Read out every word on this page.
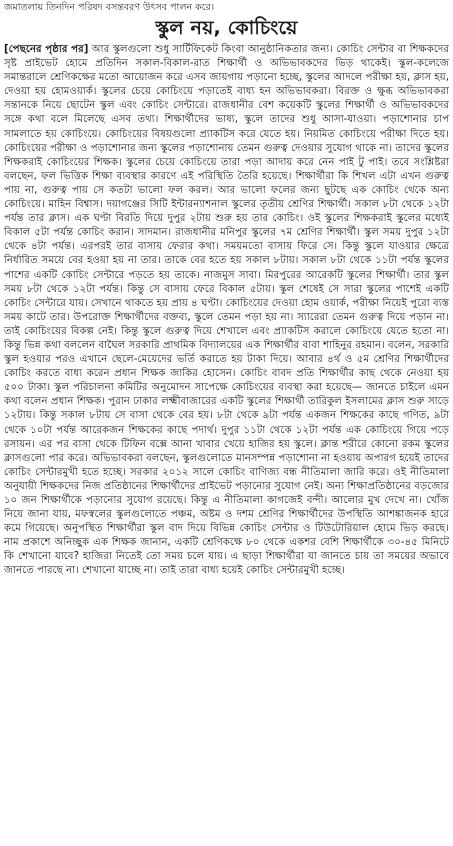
জমাতলায় তিনদিন পরিষদ বসন্তবরণ উৎসব পালন করে।
স্কুল নয়, কোচিংয়ে

[পেছনের পৃষ্ঠার পর] আর স্কুলগুলো শুধু সার্টিফিকেট কিংবা আনুষ্ঠানিকতার জন্য। কোচিং সেন্টার বা শিক্ষকদের সৃষ্ট প্রাইভেট হোমে প্রতিদিন সকাল-বিকাল-রাত শিক্ষার্থী ও অভিভাবকদের ভিড় থাকেই। স্কুল-কলেজে সমান্তরালে শ্রেণিকক্ষের মতো আয়োজন করে এসব জায়গায় পড়ানো হচ্ছে, স্কুলের আদলে পরীক্ষা হয়, ক্লাস হয়, দেওয়া হয় হোমওয়ার্ক। স্কুলের চেয়ে কোচিংয়ে পড়াতেই বাধ্য হন অভিভাবকরা। বিরক্ত ও ক্ষুব্ধ অভিভাবকরা সন্তানকে নিয়ে ছোটেন স্কুল এবং কোচিং সেন্টারে। রাজধানীর বেশ কয়েকটি স্কুলের শিক্ষার্থী ও অভিভাবকদের সঙ্গে কথা বলে মিলেছে এসব তথ্য। শিক্ষার্থীদের ভাষ্য, স্কুলে তাদের শুধু আসা-যাওয়া। পড়াশোনার চাপ সামলাতে হয় কোচিংয়ে। কোচিংয়ের বিষয়গুলো প্র্যাকটিস করে যেতে হয়। নিয়মিত কোচিংয়ে পরীক্ষা দিতে হয়। কোচিংয়ের পরীক্ষা ও পড়াশোনার জন্য স্কুলের পড়াশোনায় তেমন গুরুত্ব দেওয়ার সুযোগ থাকে না। তাদের স্কুলের শিক্ষকরাই কোচিংয়ের শিক্ষক। স্কুলের চেয়ে কোচিংয়ে তারা পড়া আদায় করে নেন পাই টু পাই। তবে সংশ্লিষ্টরা বলছেন, ফল ভিত্তিক শিক্ষা ব্যবস্থার কারণে এই পরিস্থিতি তৈরি হয়েছে। শিক্ষার্থীরা কি শিখল এটা এখন গুরুত্ব পায় না, গুরুত্ব পায় সে কতটা ভালো ফল করল। আর ভালো ফলের জন্য ছুটছে এক কোচিং থেকে অন্য কোচিংয়ে। মাহিন বিশ্বাস। দয়াগঞ্জের সিটি ইন্টারন্যাশনাল স্কুলের তৃতীয় শ্রেণির শিক্ষার্থী। সকাল ৮টা থেকে ১২টা পর্যন্ত তার ক্লাস। এক ঘণ্টা বিরতি দিয়ে দুপুর ২টায় শুরু হয় তার কোচিং। ওই স্কুলের শিক্ষকরাই স্কুলের মধ্যেই বিকাল ৫টা পর্যন্ত কোচিং করান। সাদমান। রাজধানীর মনিপুর স্কুলের ৭ম শ্রেণির শিক্ষার্থী। স্কুল সময় দুপুর ১২টা থেকে ৪টা পর্যন্ত। এরপরই তার বাসায় ফেরার কথা। সময়মতো বাসায় ফিরে সে। কিন্তু স্কুলে যাওয়ার ক্ষেত্রে নির্ধারিত সময়ে বের হওয়া হয় না তার। তাকে বের হতে হয় সকাল ৮টায়। সকাল ৮টা থেকে ১১টা পর্যন্ত স্কুলের পাশের একটি কোচিং সেন্টারে পড়তে হয় তাকে। নাজমুস সাবা। মিরপুরের আরেকটি স্কুলের শিক্ষার্থী। তার স্কুল সময় ৮টা থেকে ১২টা পর্যন্ত। কিন্তু সে বাসায় ফেরে বিকাল ৫টায়। স্কুল শেষেই সে সারা স্কুলের পাশেই একটি কোচিং সেন্টারে যায়। সেখানে থাকতে হয় প্রায় ৪ ঘণ্টা। কোচিংয়ের দেওয়া হোম ওয়ার্ক, পরীক্ষা নিয়েই পুরো ব্যস্ত সময় কাটে তার। উপরোক্ত শিক্ষার্থীদের বক্তব্য, স্কুলে তেমন পড়া হয় না। স্যারেরা তেমন গুরুত্ব দিয়ে পড়ান না। তাই কোচিংয়ের বিকল্প নেই। কিন্তু স্কুলে গুরুত্ব দিয়ে শেখালে এবং প্র্যাকটিস করালে কোচিংয়ে যেতে হতো না। কিন্তু ভিন্ন কথা বললেন বাঘৈল সরকারি প্রাথমিক বিদ্যালয়ের এক শিক্ষার্থীর বাবা শাহিনুর রহমান। বলেন, সরকারি স্কুল হওয়ার পরও এখানে ছেলে-মেয়েদের ভর্তি করাতে হয় টাকা দিয়ে। আবার ৪র্থ ও ৫ম শ্রেণির শিক্ষার্থীদের কোচিং করতে বাধ্য করেন প্রধান শিক্ষক জাকির হোসেন। কোচিং বাবদ প্রতি শিক্ষার্থীর কাছ থেকে নেওয়া হয় ৫০০ টাকা। স্কুল পরিচালনা কমিটির অনুমোদন সাপেক্ষে কোচিংয়ের ব্যবস্থা করা হয়েছে— জানতে চাইলে এমন কথা বলেন প্রধান শিক্ষক। পুরান ঢাকার লক্ষ্মীবাজারের একটি স্কুলের শিক্ষার্থী তারিকুল ইসলামের ক্লাস শুরু সাড়ে ১২টায়। কিন্তু সকাল ৮টায় সে বাসা থেকে বের হয়। ৮টা থেকে ৯টা পর্যন্ত একজন শিক্ষকের কাছে গণিত, ৯টা থেকে ১০টা পর্যন্ত আরেকজন শিক্ষকের কাছে পদার্থ। দুপুর ১১টা থেকে ১২টা পর্যন্ত এক কোচিংয়ে গিয়ে পড়ে রসায়ন। এর পর বাসা থেকে টিফিন বক্সে আনা খাবার খেয়ে হাজির হয় স্কুলে। ক্লান্ত শরীরে কোনো রকম স্কুলের ক্লাসগুলো পার করে। অভিভাবকরা বলছেন, স্কুলগুলোতে মানসম্পন্ন পড়াশোনা না হওয়ায় অপারগ হয়েই তাদের কোচিং সেন্টারমুখী হতে হচ্ছে। সরকার ২০১২ সালে কোচিং বাণিজ্য বন্ধ নীতিমালা জারি করে। ওই নীতিমালা অনুযায়ী শিক্ষকদের নিজ প্রতিষ্ঠানের শিক্ষার্থীদের প্রাইভেট পড়ানোর সুযোগ নেই। অন্য শিক্ষাপ্রতিষ্ঠানের বড়জোর ১০ জন শিক্ষার্থীকে পড়ানোর সুযোগ রয়েছে। কিন্তু এ নীতিমালা কাগজেই বন্দী। আলোর মুখ দেখে না। খোঁজ নিয়ে জানা যায়, মফস্বলের স্কুলগুলোতে পঞ্চম, অষ্টম ও দশম শ্রেণির শিক্ষার্থীদের উপস্থিতি আশঙ্কাজনক হারে কমে গিয়েছে। অনুপস্থিত শিক্ষার্থীরা স্কুল বাদ দিয়ে বিভিন্ন কোচিং সেন্টার ও টিউটোরিয়াল হোমে ভিড় করছে। নাম প্রকাশে অনিচ্ছুক এক শিক্ষক জানান, একটি শ্রেণিকক্ষে ৮০ থেকে একশর বেশি শিক্ষার্থীকে ৩০-৪৫ মিনিটে কি শেখানো যাবে? হাজিরা নিতেই তো সময় চলে যায়। এ ছাড়া শিক্ষার্থীরা যা জানতে চায় তা সময়ের অভাবে জানতে পারছে না। শেখানো যাচ্ছে না। তাই তারা বাধ্য হয়েই কোচিং সেন্টারমুখী হচ্ছে।
